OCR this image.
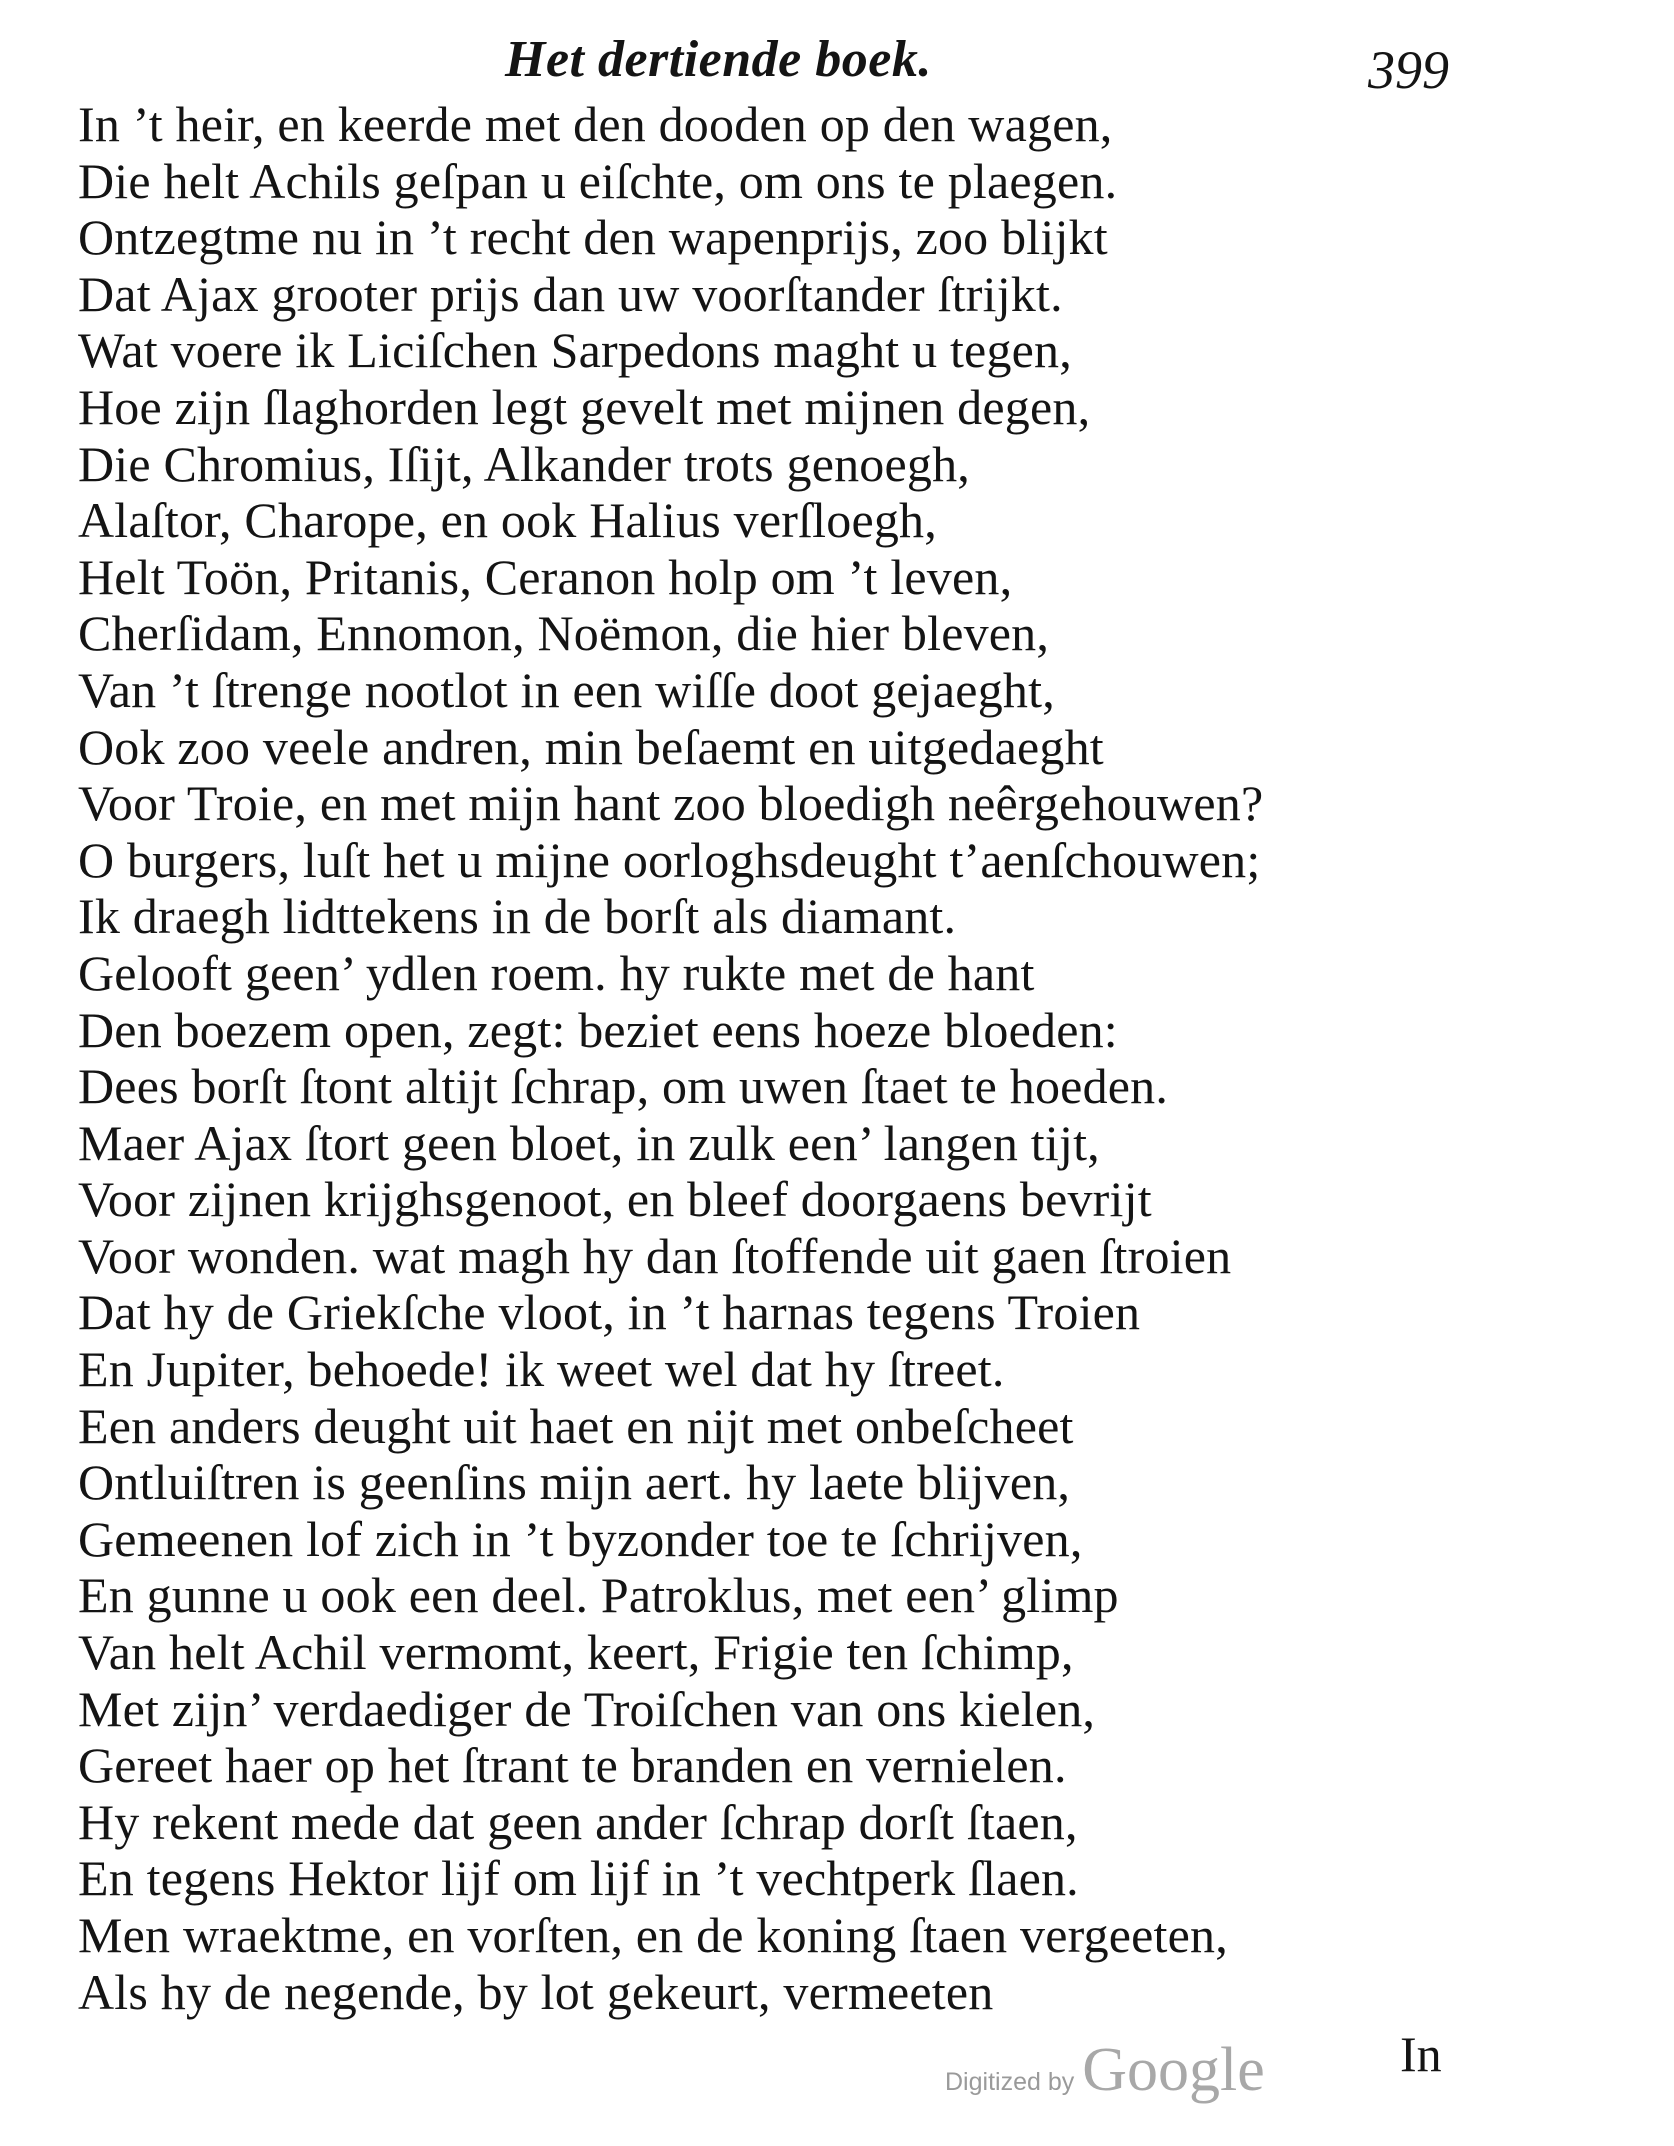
Het dertiende boek.	399
In ’t heir, en keerde met den dooden op den wagen,
Die helt Achils geſpan u eiſchte, om ons te plaegen.
Ontzegtme nu in ’t recht den wapenprijs, zoo blijkt
Dat Ajax grooter prijs dan uw voorſtander ſtrijkt.
Wat voere ik Liciſchen Sarpedons maght u tegen,
Hoe zijn ſlaghorden legt gevelt met mijnen degen,
Die Chromius, Iſijt, Alkander trots genoegh,
Alaſtor, Charope, en ook Halius verſloegh,
Helt Toön, Pritanis, Ceranon holp om ’t leven,
Cherſidam, Ennomon, Noëmon, die hier bleven,
Van ’t ſtrenge nootlot in een wiſſe doot gejaeght,
Ook zoo veele andren, min beſaemt en uitgedaeght
Voor Troie, en met mijn hant zoo bloedigh neêrgehouwen?
O burgers, luſt het u mijne oorloghsdeught t’aenſchouwen;
Ik draegh lidttekens in de borſt als diamant.
Gelooft geen’ ydlen roem. hy rukte met de hant
Den boezem open, zegt: beziet eens hoeze bloeden:
Dees borſt ſtont altijt ſchrap, om uwen ſtaet te hoeden.
Maer Ajax ſtort geen bloet, in zulk een’ langen tijt,
Voor zijnen krijghsgenoot, en bleef doorgaens bevrijt
Voor wonden. wat magh hy dan ſtoffende uit gaen ſtroien
Dat hy de Griekſche vloot, in ’t harnas tegens Troien
En Jupiter, behoede! ik weet wel dat hy ſtreet.
Een anders deught uit haet en nijt met onbeſcheet
Ontluiſtren is geenſins mijn aert. hy laete blijven,
Gemeenen lof zich in ’t byzonder toe te ſchrijven,
En gunne u ook een deel. Patroklus, met een’ glimp
Van helt Achil vermomt, keert, Frigie ten ſchimp,
Met zijn’ verdaediger de Troiſchen van ons kielen,
Gereet haer op het ſtrant te branden en vernielen.
Hy rekent mede dat geen ander ſchrap dorſt ſtaen,
En tegens Hektor lijf om lijf in ’t vechtperk ſlaen.
Men wraektme, en vorſten, en de koning ſtaen vergeeten,
Als hy de negende, by lot gekeurt, vermeeten
Digitized by Google	In
